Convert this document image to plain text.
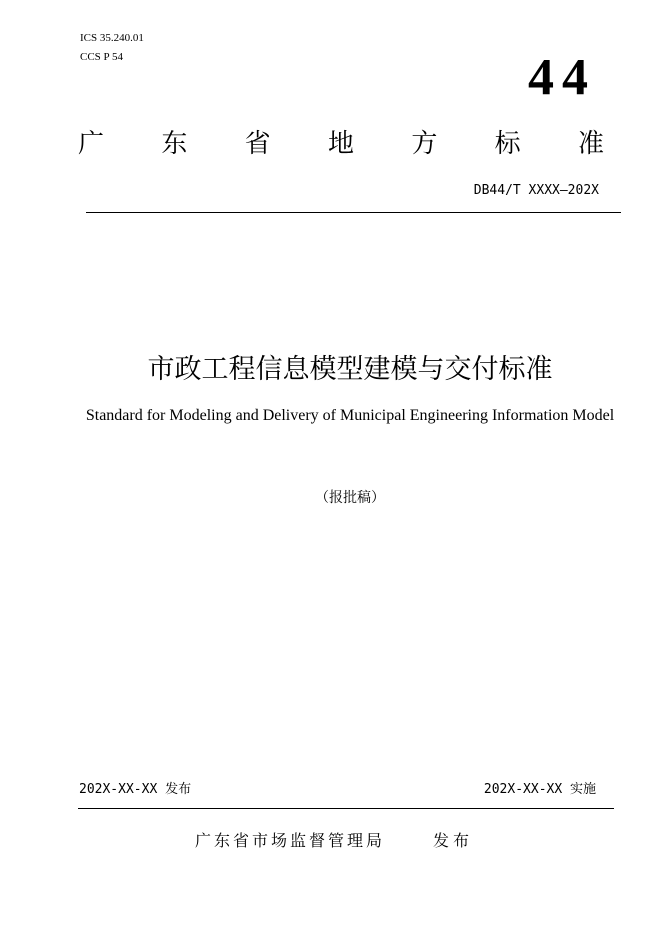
ICS 35.240.01
CCS P 54	44
广 东 省 地 方 标 准
DB44/T XXXX—202X
市政工程信息模型建模与交付标准
Standard for Modeling and Delivery of Municipal Engineering Information Model
（报批稿）
202X-XX-XX 发布	202X-XX-XX 实施
广东省市场监督管理局	发布
